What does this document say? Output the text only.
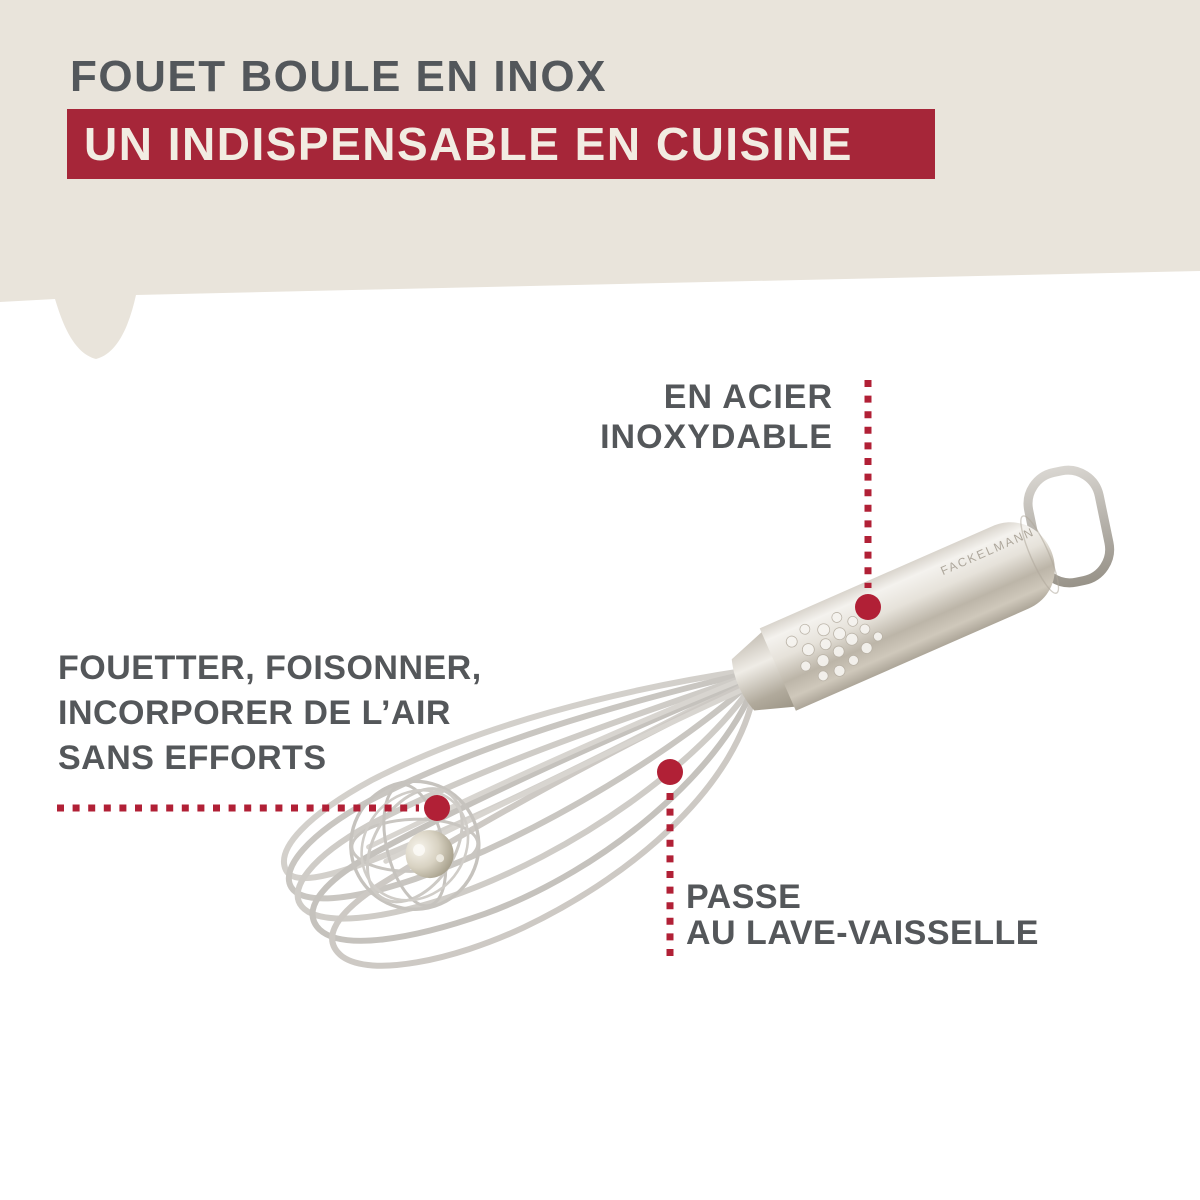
FOUET BOULE EN INOX
UN INDISPENSABLE EN CUISINE
FACKELMANN
EN ACIER
INOXYDABLE
FOUETTER, FOISONNER,
INCORPORER DE L’AIR
SANS EFFORTS
PASSE
AU LAVE-VAISSELLE
